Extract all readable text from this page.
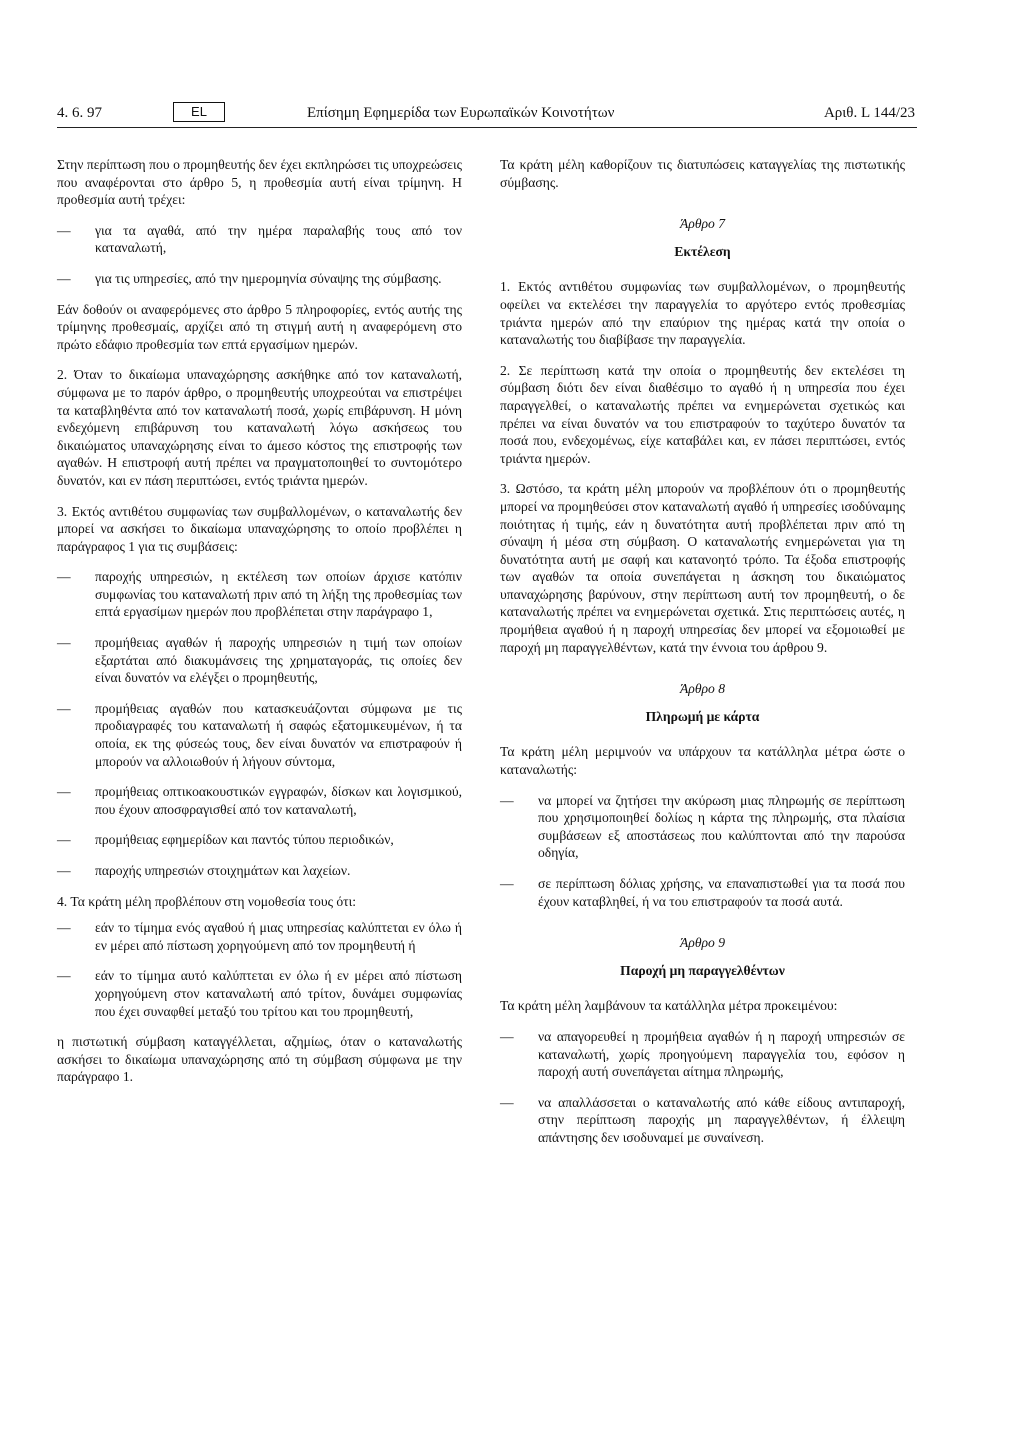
4. 6. 97	EL	Επίσημη Εφημερίδα των Ευρωπαϊκών Κοινοτήτων	Αριθ. L 144/23

Στην περίπτωση που ο προμηθευτής δεν έχει εκπληρώσει τις υποχρεώσεις που αναφέρονται στο άρθρο 5, η προθεσμία αυτή είναι τρίμηνη. Η προθεσμία αυτή τρέχει:

— για τα αγαθά, από την ημέρα παραλαβής τους από τον καταναλωτή,
— για τις υπηρεσίες, από την ημερομηνία σύναψης της σύμβασης.

Εάν δοθούν οι αναφερόμενες στο άρθρο 5 πληροφορίες, εντός αυτής της τρίμηνης προθεσμαίς, αρχίζει από τη στιγμή αυτή η αναφερόμενη στο πρώτο εδάφιο προθεσμία των επτά εργασίμων ημερών.

2. Όταν το δικαίωμα υπαναχώρησης ασκήθηκε από τον καταναλωτή, σύμφωνα με το παρόν άρθρο, ο προμηθευτής υποχρεούται να επιστρέψει τα καταβληθέντα από τον καταναλωτή ποσά, χωρίς επιβάρυνση. Η μόνη ενδεχόμενη επιβάρυνση του καταναλωτή λόγω ασκήσεως του δικαιώματος υπαναχώρησης είναι το άμεσο κόστος της επιστροφής των αγαθών. Η επιστροφή αυτή πρέπει να πραγματοποιηθεί το συντομότερο δυνατόν, και εν πάση περιπτώσει, εντός τριάντα ημερών.

3. Εκτός αντιθέτου συμφωνίας των συμβαλλομένων, ο καταναλωτής δεν μπορεί να ασκήσει το δικαίωμα υπαναχώρησης το οποίο προβλέπει η παράγραφος 1 για τις συμβάσεις:

— παροχής υπηρεσιών, η εκτέλεση των οποίων άρχισε κατόπιν συμφωνίας του καταναλωτή πριν από τη λήξη της προθεσμίας των επτά εργασίμων ημερών που προβλέπεται στην παράγραφο 1,
— προμήθειας αγαθών ή παροχής υπηρεσιών η τιμή των οποίων εξαρτάται από διακυμάνσεις της χρηματαγοράς, τις οποίες δεν είναι δυνατόν να ελέγξει ο προμηθευτής,
— προμήθειας αγαθών που κατασκευάζονται σύμφωνα με τις προδιαγραφές του καταναλωτή ή σαφώς εξατομικευμένων, ή τα οποία, εκ της φύσεώς τους, δεν είναι δυνατόν να επιστραφούν ή μπορούν να αλλοιωθούν ή λήγουν σύντομα,
— προμήθειας οπτικοακουστικών εγγραφών, δίσκων και λογισμικού, που έχουν αποσφραγισθεί από τον καταναλωτή,
— προμήθειας εφημερίδων και παντός τύπου περιοδικών,
— παροχής υπηρεσιών στοιχημάτων και λαχείων.

4. Τα κράτη μέλη προβλέπουν στη νομοθεσία τους ότι:

— εάν το τίμημα ενός αγαθού ή μιας υπηρεσίας καλύπτεται εν όλω ή εν μέρει από πίστωση χορηγούμενη από τον προμηθευτή ή
— εάν το τίμημα αυτό καλύπτεται εν όλω ή εν μέρει από πίστωση χορηγούμενη στον καταναλωτή από τρίτον, δυνάμει συμφωνίας που έχει συναφθεί μεταξύ του τρίτου και του προμηθευτή,

η πιστωτική σύμβαση καταγγέλλεται, αζημίως, όταν ο καταναλωτής ασκήσει το δικαίωμα υπαναχώρησης από τη σύμβαση σύμφωνα με την παράγραφο 1.

Τα κράτη μέλη καθορίζουν τις διατυπώσεις καταγγελίας της πιστωτικής σύμβασης.

Άρθρο 7
Εκτέλεση

1. Εκτός αντιθέτου συμφωνίας των συμβαλλομένων, ο προμηθευτής οφείλει να εκτελέσει την παραγγελία το αργότερο εντός προθεσμίας τριάντα ημερών από την επαύριον της ημέρας κατά την οποία ο καταναλωτής του διαβίβασε την παραγγελία.

2. Σε περίπτωση κατά την οποία ο προμηθευτής δεν εκτελέσει τη σύμβαση διότι δεν είναι διαθέσιμο το αγαθό ή η υπηρεσία που έχει παραγγελθεί, ο καταναλωτής πρέπει να ενημερώνεται σχετικώς και πρέπει να είναι δυνατόν να του επιστραφούν το ταχύτερο δυνατόν τα ποσά που, ενδεχομένως, είχε καταβάλει και, εν πάσει περιπτώσει, εντός τριάντα ημερών.

3. Ωστόσο, τα κράτη μέλη μπορούν να προβλέπουν ότι ο προμηθευτής μπορεί να προμηθεύσει στον καταναλωτή αγαθό ή υπηρεσίες ισοδύναμης ποιότητας ή τιμής, εάν η δυνατότητα αυτή προβλέπεται πριν από τη σύναψη ή μέσα στη σύμβαση. Ο καταναλωτής ενημερώνεται για τη δυνατότητα αυτή με σαφή και κατανοητό τρόπο. Τα έξοδα επιστροφής των αγαθών τα οποία συνεπάγεται η άσκηση του δικαιώματος υπαναχώρησης βαρύνουν, στην περίπτωση αυτή τον προμηθευτή, ο δε καταναλωτής πρέπει να ενημερώνεται σχετικά. Στις περιπτώσεις αυτές, η προμήθεια αγαθού ή η παροχή υπηρεσίας δεν μπορεί να εξομοιωθεί με παροχή μη παραγγελθέντων, κατά την έννοια του άρθρου 9.

Άρθρο 8
Πληρωμή με κάρτα

Τα κράτη μέλη μεριμνούν να υπάρχουν τα κατάλληλα μέτρα ώστε ο καταναλωτής:

— να μπορεί να ζητήσει την ακύρωση μιας πληρωμής σε περίπτωση που χρησιμοποιηθεί δολίως η κάρτα της πληρωμής, στα πλαίσια συμβάσεων εξ αποστάσεως που καλύπτονται από την παρούσα οδηγία,
— σε περίπτωση δόλιας χρήσης, να επαναπιστωθεί για τα ποσά που έχουν καταβληθεί, ή να του επιστραφούν τα ποσά αυτά.
Άρθρο 9
Παροχή μη παραγγελθέντων

Τα κράτη μέλη λαμβάνουν τα κατάλληλα μέτρα προκειμένου:

— να απαγορευθεί η προμήθεια αγαθών ή η παροχή υπηρεσιών σε καταναλωτή, χωρίς προηγούμενη παραγγελία του, εφόσον η παροχή αυτή συνεπάγεται αίτημα πληρωμής,
— να απαλλάσσεται ο καταναλωτής από κάθε είδους αντιπαροχή, στην περίπτωση παροχής μη παραγγελθέντων, ή έλλειψη απάντησης δεν ισοδυναμεί με συναίνεση.
